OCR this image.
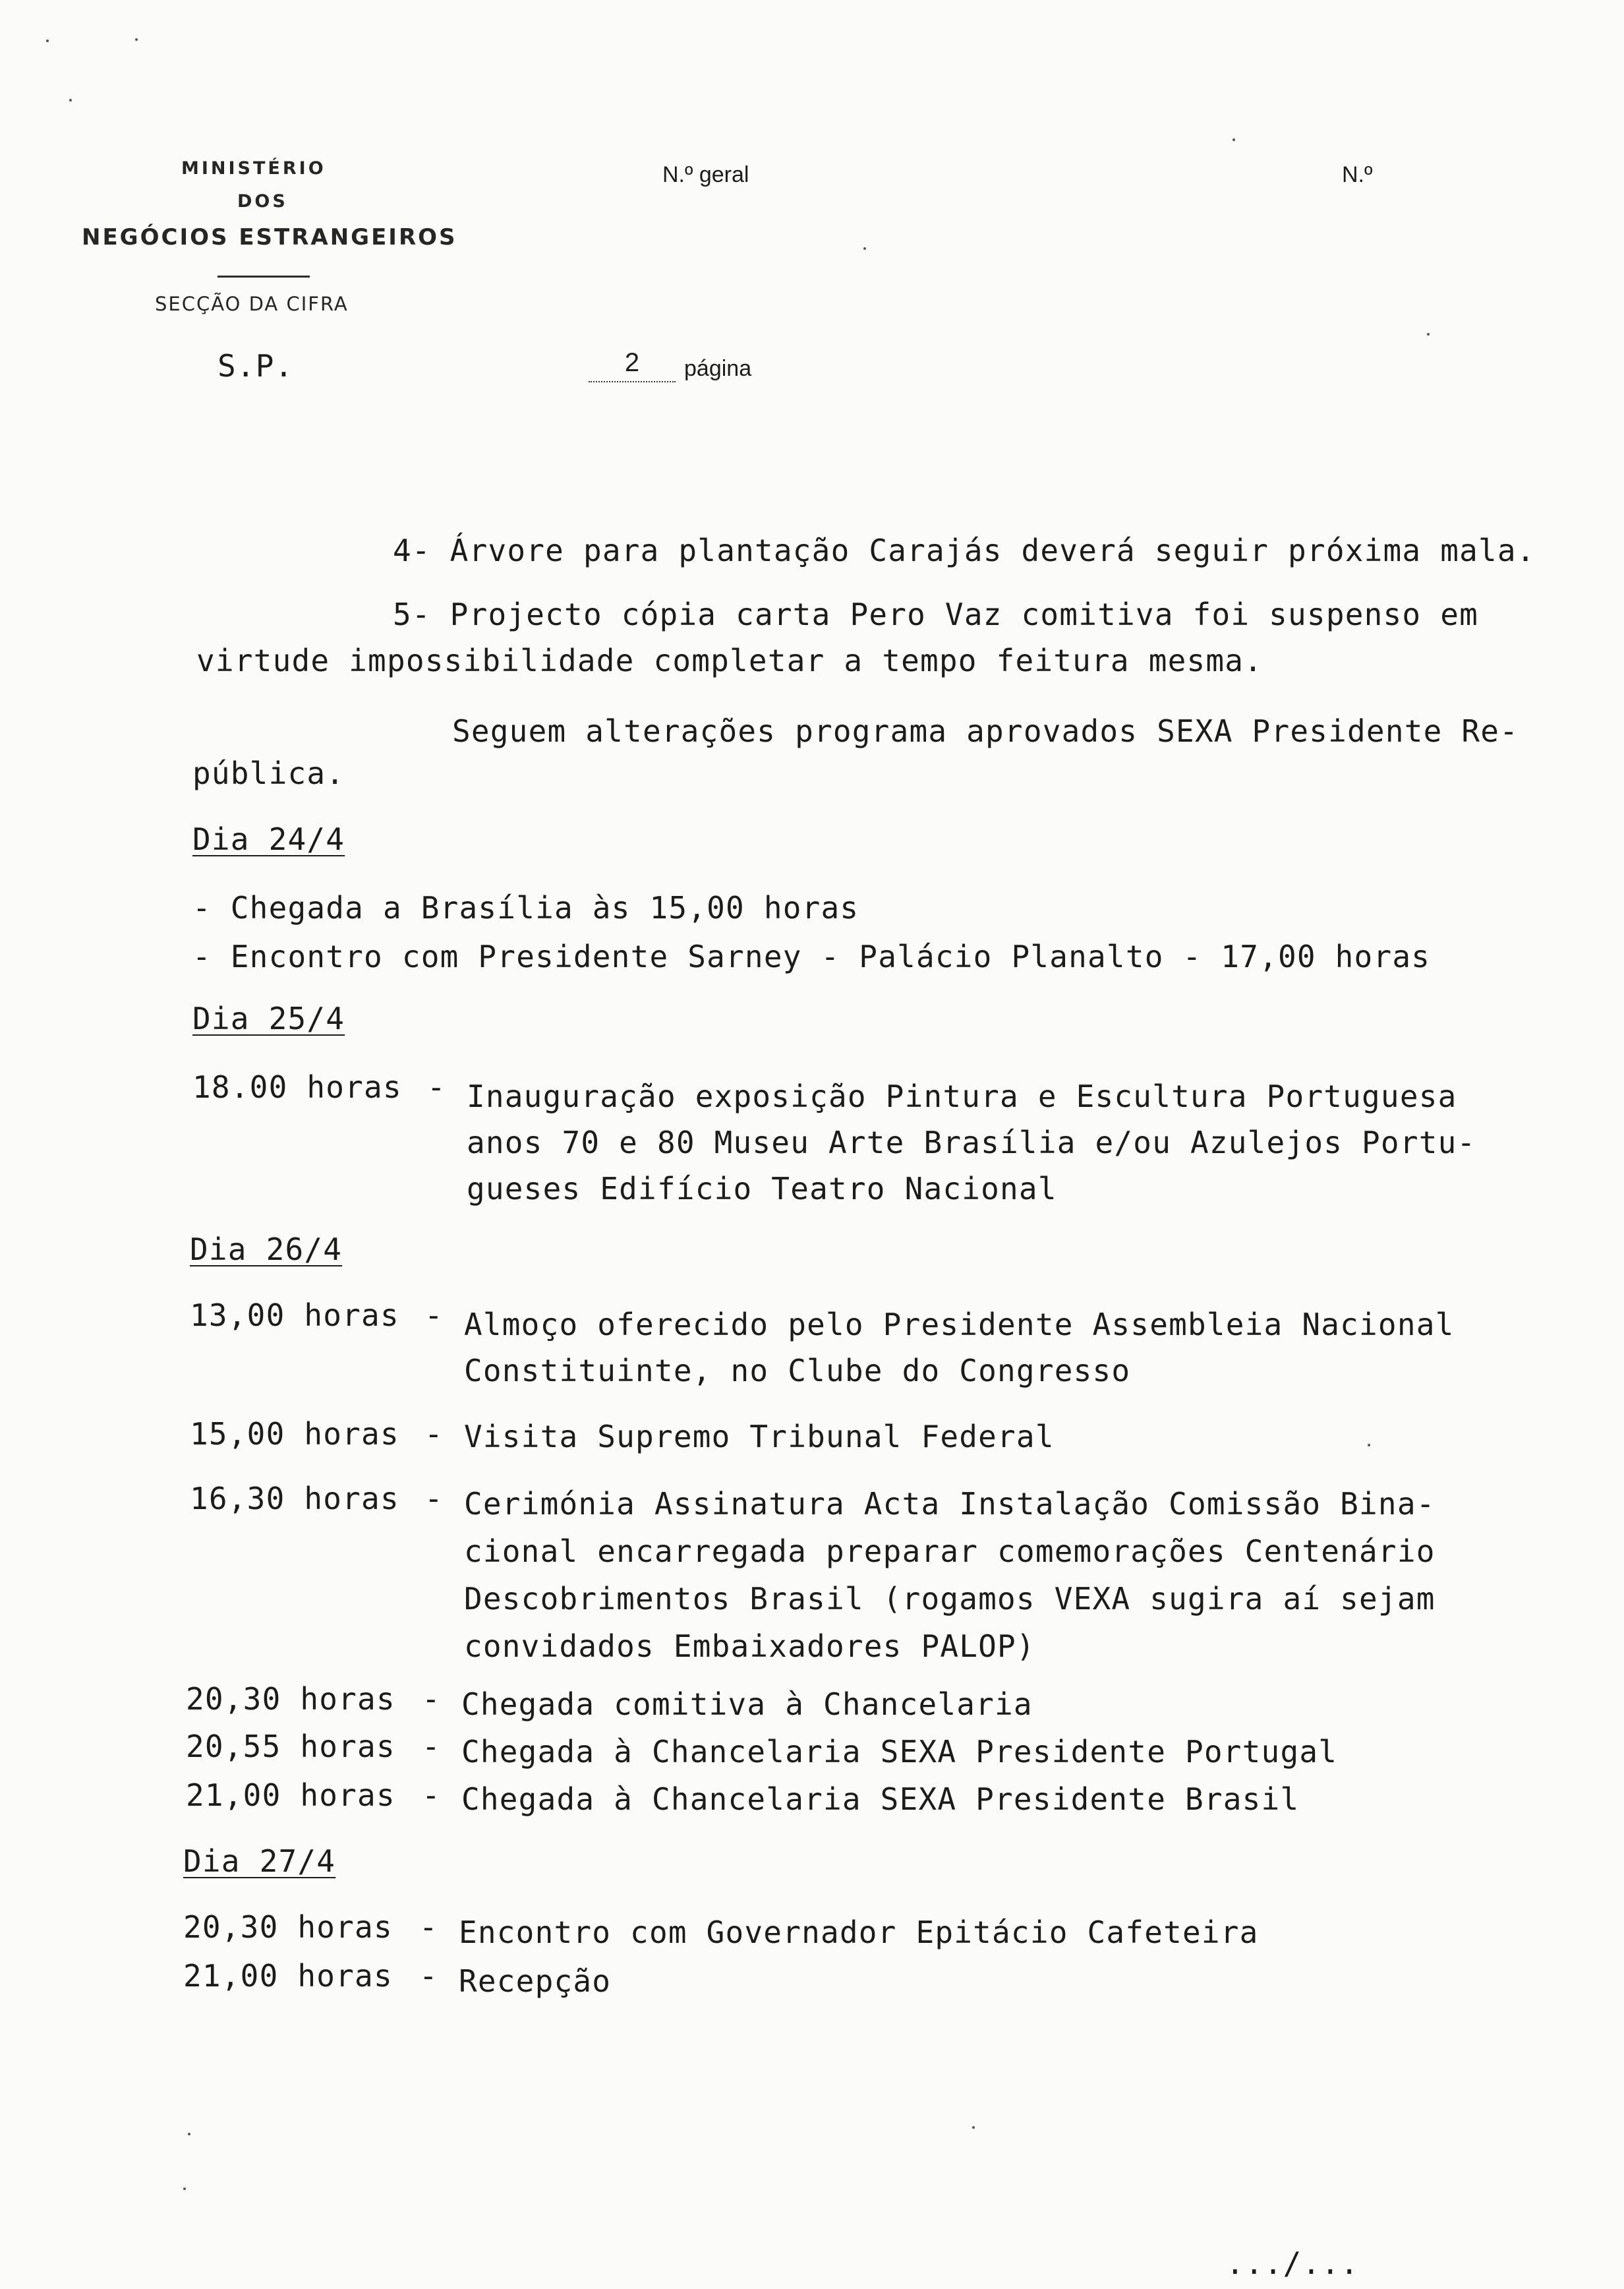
MINISTÉRIO
DOS
NEGÓCIOS ESTRANGEIROS
SECÇÃO DA CIFRA
S.P.
N.º geral	N.º
2	página
4- Árvore para plantação Carajás deverá seguir próxima mala.
5- Projecto cópia carta Pero Vaz comitiva foi suspenso em
virtude impossibilidade completar a tempo feitura mesma.
Seguem alterações programa aprovados SEXA Presidente Re-
pública.
Dia 24/4
- Chegada a Brasília às 15,00 horas
- Encontro com Presidente Sarney - Palácio Planalto - 17,00 horas
Dia 25/4
18.00 horas - Inauguração exposição Pintura e Escultura Portuguesa
anos 70 e 80 Museu Arte Brasília e/ou Azulejos Portu-
gueses Edifício Teatro Nacional
Dia 26/4
13,00 horas - Almoço oferecido pelo Presidente Assembleia Nacional
Constituinte, no Clube do Congresso
15,00 horas - Visita Supremo Tribunal Federal
16,30 horas - Cerimónia Assinatura Acta Instalação Comissão Bina-
cional encarregada preparar comemorações Centenário
Descobrimentos Brasil (rogamos VEXA sugira aí sejam
convidados Embaixadores PALOP)
20,30 horas - Chegada comitiva à Chancelaria
20,55 horas - Chegada à Chancelaria SEXA Presidente Portugal
21,00 horas - Chegada à Chancelaria SEXA Presidente Brasil
Dia 27/4
20,30 horas - Encontro com Governador Epitácio Cafeteira
21,00 horas - Recepção
.../...
